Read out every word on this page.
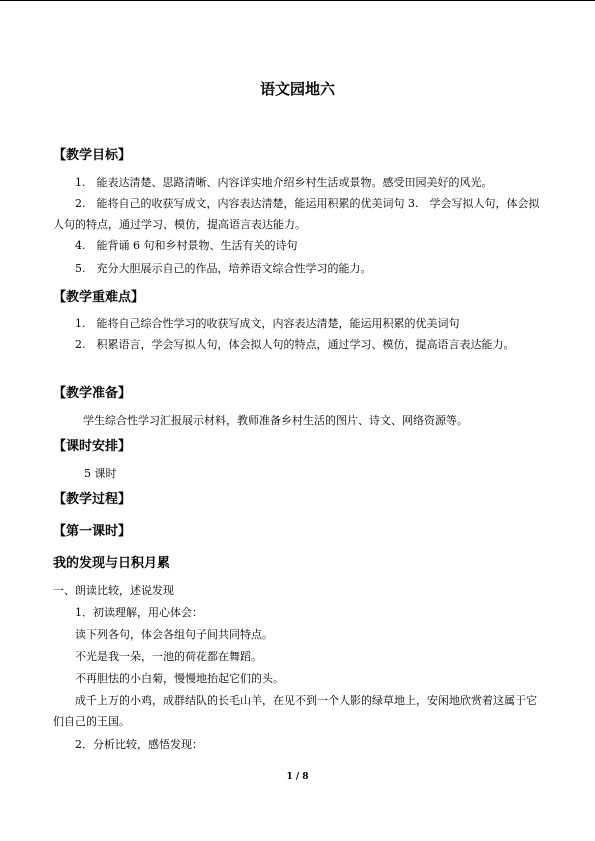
语文园地六
【教学目标】
1.　能表达清楚、思路清晰、内容详实地介绍乡村生活或景物。感受田园美好的风光。
2.　能将自己的收获写成文，内容表达清楚，能运用积累的优美词句 3.　学会写拟人句，体会拟人句的特点，通过学习、模仿，提高语言表达能力。
4.　能背诵 6 句和乡村景物、生活有关的诗句
5.　充分大胆展示自己的作品，培养语文综合性学习的能力。
【教学重难点】
1.　能将自己综合性学习的收获写成文，内容表达清楚，能运用积累的优美词句
2.　积累语言，学会写拟人句，体会拟人句的特点，通过学习、模仿，提高语言表达能力。
【教学准备】
学生综合性学习汇报展示材料，教师准备乡村生活的图片、诗文、网络资源等。
【课时安排】
5 课时
【教学过程】
【第一课时】
我的发现与日积月累
一、朗读比较，述说发现
1．初读理解，用心体会：
读下列各句，体会各组句子间共同特点。
不光是我一朵，一池的荷花都在舞蹈。
不再胆怯的小白菊，慢慢地抬起它们的头。
成千上万的小鸡，成群结队的长毛山羊，在见不到一个人影的绿草地上，安闲地欣赏着这属于它们自己的王国。
2．分析比较，感悟发现：
1 / 8
